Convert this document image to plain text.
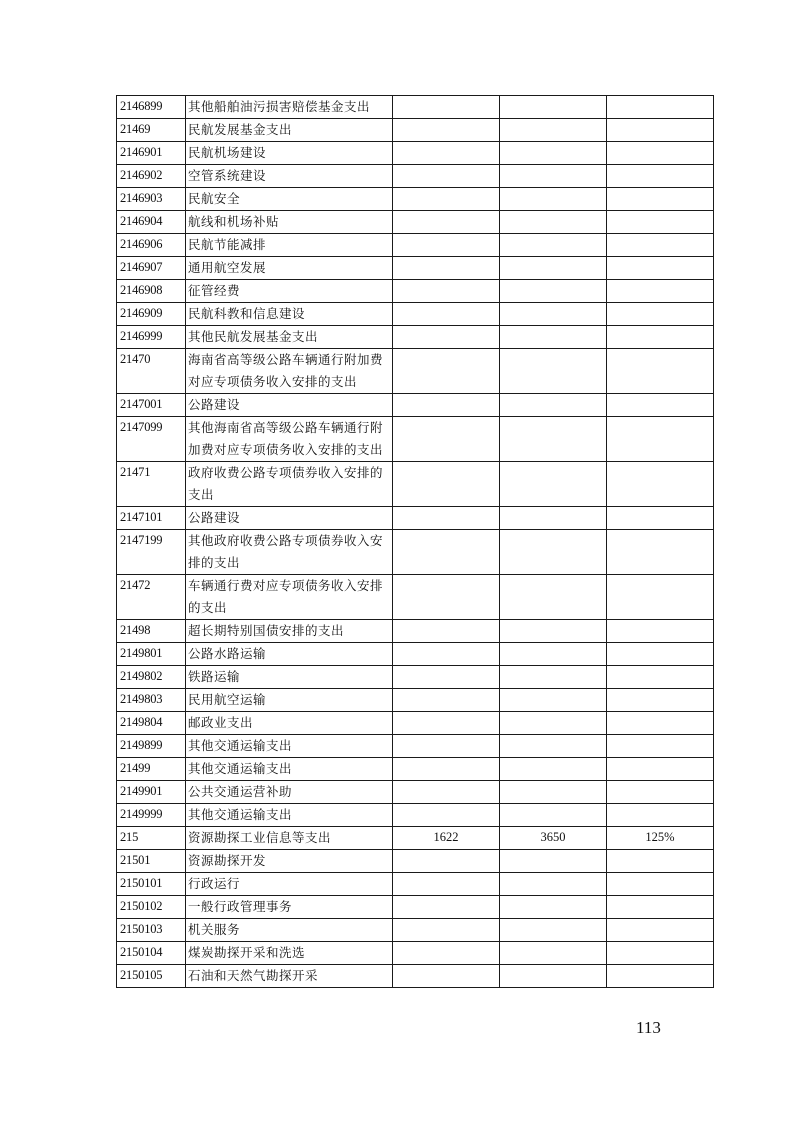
2146899	其他船舶油污损害赔偿基金支出			
21469	民航发展基金支出			
2146901	民航机场建设			
2146902	空管系统建设			
2146903	民航安全			
2146904	航线和机场补贴			
2146906	民航节能减排			
2146907	通用航空发展			
2146908	征管经费			
2146909	民航科教和信息建设			
2146999	其他民航发展基金支出			
21470	海南省高等级公路车辆通行附加费对应专项债务收入安排的支出			
2147001	公路建设			
2147099	其他海南省高等级公路车辆通行附加费对应专项债务收入安排的支出			
21471	政府收费公路专项债券收入安排的支出			
2147101	公路建设			
2147199	其他政府收费公路专项债券收入安排的支出			
21472	车辆通行费对应专项债务收入安排的支出			
21498	超长期特别国债安排的支出			
2149801	公路水路运输			
2149802	铁路运输			
2149803	民用航空运输			
2149804	邮政业支出			
2149899	其他交通运输支出			
21499	其他交通运输支出			
2149901	公共交通运营补助			
2149999	其他交通运输支出			
215	资源勘探工业信息等支出	1622	3650	125%
21501	资源勘探开发			
2150101	行政运行			
2150102	一般行政管理事务			
2150103	机关服务			
2150104	煤炭勘探开采和洗选			
2150105	石油和天然气勘探开采			
113
